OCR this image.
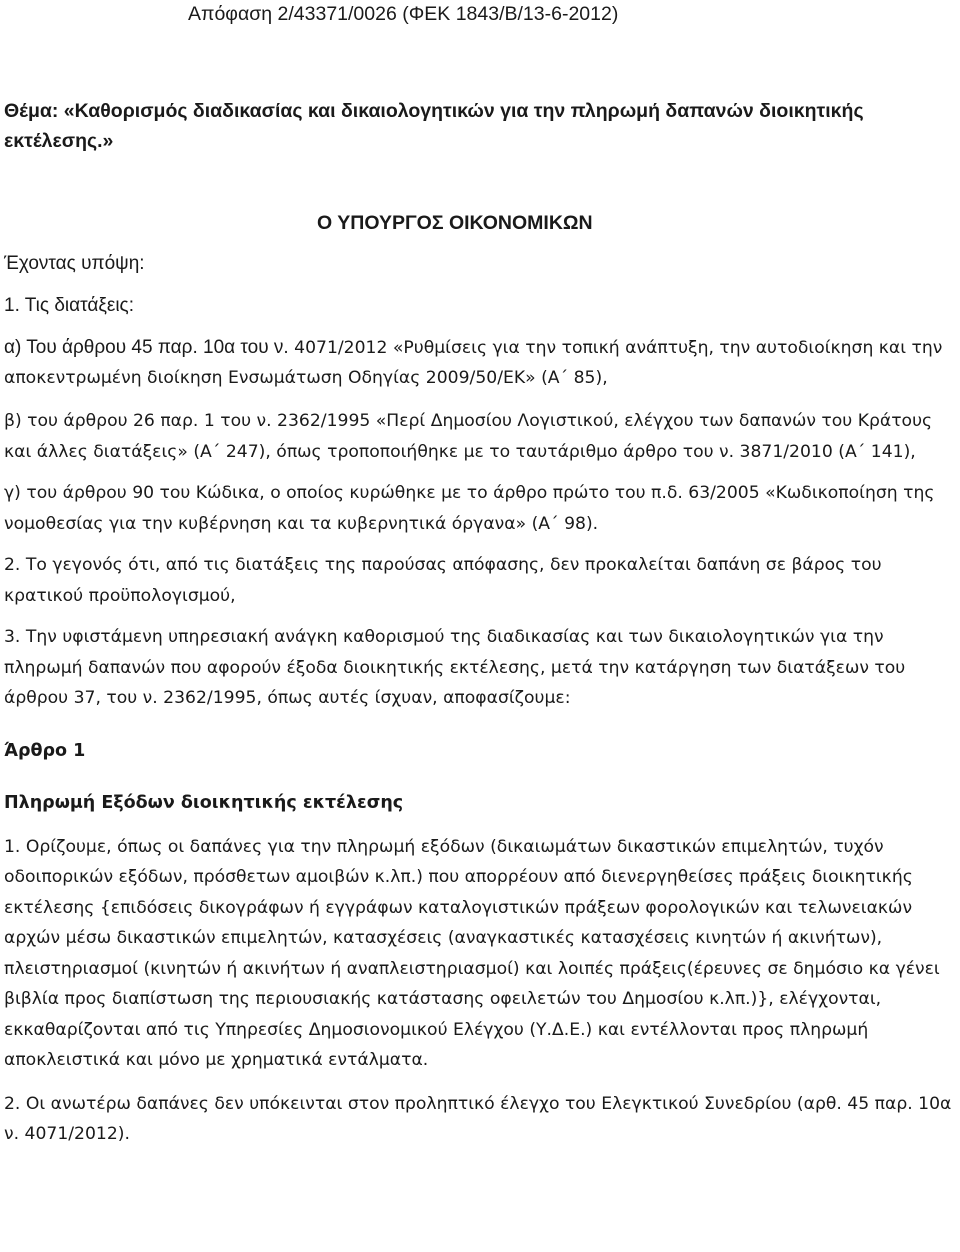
Απόφαση 2/43371/0026 (ΦΕΚ 1843/Β/13-6-2012)

Θέμα: «Καθορισμός διαδικασίας και δικαιολογητικών για την πληρωμή δαπανών διοικητικής εκτέλεσης.»

Ο ΥΠΟΥΡΓΟΣ ΟΙΚΟΝΟΜΙΚΩΝ

Έχοντας υπόψη:

1. Τις διατάξεις:

α) Του άρθρου 45 παρ. 10α του ν. 4071/2012 «Ρυθμίσεις για την τοπική ανάπτυξη, την αυτοδιοίκηση και την αποκεντρωμένη διοίκηση Ενσωμάτωση Οδηγίας 2009/50/ΕΚ» (Α΄ 85),

β) του άρθρου 26 παρ. 1 του ν. 2362/1995 «Περί Δημοσίου Λογιστικού, ελέγχου των δαπανών του Κράτους και άλλες διατάξεις» (Α΄ 247), όπως τροποποιήθηκε με το ταυτάριθμο άρθρο του ν. 3871/2010 (Α΄ 141),

γ) του άρθρου 90 του Κώδικα, ο οποίος κυρώθηκε με το άρθρο πρώτο του π.δ. 63/2005 «Κωδικοποίηση της νομοθεσίας για την κυβέρνηση και τα κυβερνητικά όργανα» (Α΄ 98).

2. Το γεγονός ότι, από τις διατάξεις της παρούσας απόφασης, δεν προκαλείται δαπάνη σε βάρος του κρατικού προϋπολογισμού,

3. Την υφιστάμενη υπηρεσιακή ανάγκη καθορισμού της διαδικασίας και των δικαιολογητικών για την πληρωμή δαπανών που αφορούν έξοδα διοικητικής εκτέλεσης, μετά την κατάργηση των διατάξεων του άρθρου 37, του ν. 2362/1995, όπως αυτές ίσχυαν, αποφασίζουμε:

Άρθρο 1

Πληρωμή Εξόδων διοικητικής εκτέλεσης

1. Ορίζουμε, όπως οι δαπάνες για την πληρωμή εξόδων (δικαιωμάτων δικαστικών επιμελητών, τυχόν οδοιπορικών εξόδων, πρόσθετων αμοιβών κ.λπ.) που απορρέουν από διενεργηθείσες πράξεις διοικητικής εκτέλεσης {επιδόσεις δικογράφων ή εγγράφων καταλογιστικών πράξεων φορολογικών και τελωνειακών αρχών μέσω δικαστικών επιμελητών, κατασχέσεις (αναγκαστικές κατασχέσεις κινητών ή ακινήτων), πλειστηριασμοί (κινητών ή ακινήτων ή αναπλειστηριασμοί) και λοιπές πράξεις(έρευνες σε δημόσιο κα γένει βιβλία προς διαπίστωση της περιουσιακής κατάστασης οφειλετών του Δημοσίου κ.λπ.)}, ελέγχονται, εκκαθαρίζονται από τις Υπηρεσίες Δημοσιονομικού Ελέγχου (Υ.Δ.Ε.) και εντέλλονται προς πληρωμή αποκλειστικά και μόνο με χρηματικά εντάλματα.

2. Οι ανωτέρω δαπάνες δεν υπόκεινται στον προληπτικό έλεγχο του Ελεγκτικού Συνεδρίου (αρθ. 45 παρ. 10α ν. 4071/2012).
